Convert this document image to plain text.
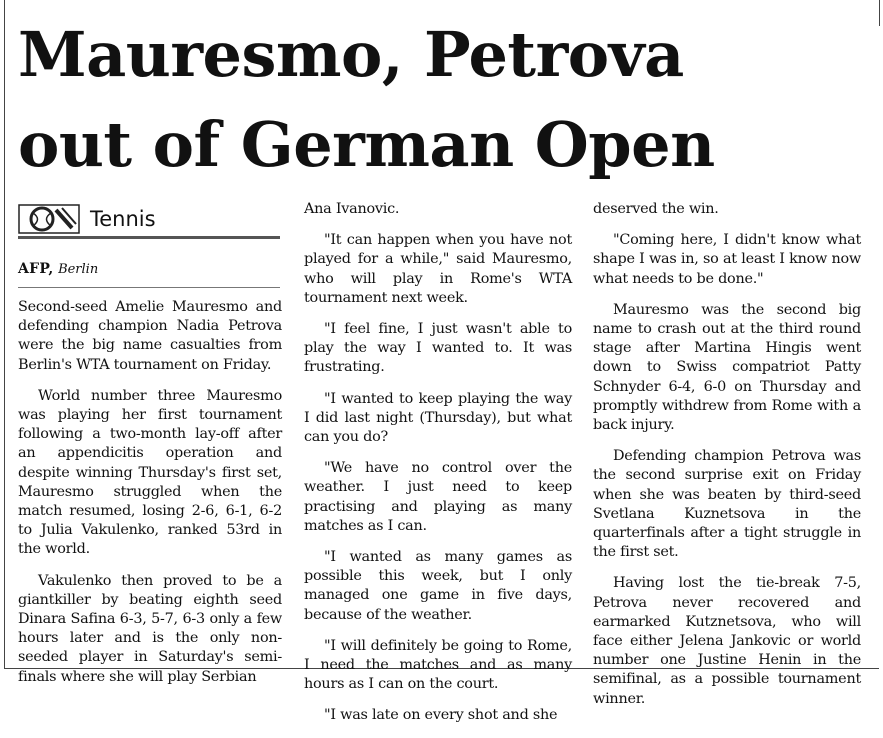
Mauresmo, Petrova
out of German Open
Tennis
AFP, Berlin

Second-seed Amelie Mauresmo and defending champion Nadia Petrova were the big name casualties from Berlin's WTA tournament on Friday.

World number three Mauresmo was playing her first tournament following a two-month lay-off after an appendicitis operation and despite winning Thursday's first set, Mauresmo struggled when the match resumed, losing 2-6, 6-1, 6-2 to Julia Vakulenko, ranked 53rd in the world.

Vakulenko then proved to be a giantkiller by beating eighth seed Dinara Safina 6-3, 5-7, 6-3 only a few hours later and is the only non-seeded player in Saturday's semi-finals where she will play Serbian

Ana Ivanovic.

"It can happen when you have not played for a while," said Mauresmo, who will play in Rome's WTA tournament next week.

"I feel fine, I just wasn't able to play the way I wanted to. It was frustrating.

"I wanted to keep playing the way I did last night (Thursday), but what can you do?

"We have no control over the weather. I just need to keep practising and playing as many matches as I can.

"I wanted as many games as possible this week, but I only managed one game in five days, because of the weather.

"I will definitely be going to Rome, I need the matches and as many hours as I can on the court.

"I was late on every shot and she

deserved the win.

"Coming here, I didn't know what shape I was in, so at least I know now what needs to be done."

Mauresmo was the second big name to crash out at the third round stage after Martina Hingis went down to Swiss compatriot Patty Schnyder 6-4, 6-0 on Thursday and promptly withdrew from Rome with a back injury.

Defending champion Petrova was the second surprise exit on Friday when she was beaten by third-seed Svetlana Kuznetsova in the quarterfinals after a tight struggle in the first set.

Having lost the tie-break 7-5, Petrova never recovered and earmarked Kutznetsova, who will face either Jelena Jankovic or world number one Justine Henin in the semifinal, as a possible tournament winner.
